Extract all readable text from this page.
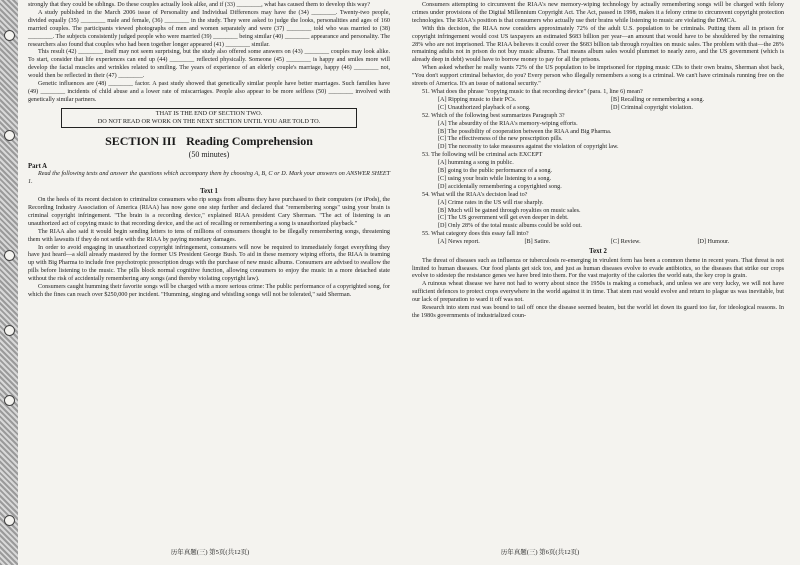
strongly that they could be siblings. Do these couples actually look alike, and if (33) ________, what has caused them to develop this way?

A study published in the March 2006 issue of Personality and Individual Differences may have the (34) ________. Twenty-two people, divided equally (35) ________ male and female, (36) ________ in the study. They were asked to judge the looks, personalities and ages of 160 married couples. The participants viewed photographs of men and women separately and were (37) ________ told who was married to (38) ________. The subjects consistently judged people who were married (39) ________ being similar (40) ________ appearance and personality. The researchers also found that couples who had been together longer appeared (41) ________ similar.

This result (42) ________ itself may not seem surprising, but the study also offered some answers on (43) ________ couples may look alike. To start, consider that life experiences can end up (44) ________ reflected physically. Someone (45) ________ is happy and smiles more will develop the facial muscles and wrinkles related to smiling. The years of experience of an elderly couple's marriage, happy (46) ________ not, would then be reflected in their (47) ________.

Genetic influences are (48) ________ factor. A past study showed that genetically similar people have better marriages. Such families have (49) ________ incidents of child abuse and a lower rate of miscarriages. People also appear to be more selfless (50) ________ involved with genetically similar partners.

THAT IS THE END OF SECTION TWO.
DO NOT READ OR WORK ON THE NEXT SECTION UNTIL YOU ARE TOLD TO.
SECTION III Reading Comprehension
(50 minutes)
Part A

Read the following texts and answer the questions which accompany them by choosing A, B, C or D. Mark your answers on ANSWER SHEET 1.

Text 1

On the heels of its recent decision to criminalize consumers who rip songs from albums they have purchased to their computers (or iPods), the Recording Industry Association of America (RIAA) has now gone one step further and declared that "remembering songs" using your brain is criminal copyright infringement. "The brain is a recording device," explained RIAA president Cary Sherman. "The act of listening is an unauthorized act of copying music to that recording device, and the act of recalling or remembering a song is unauthorized playback."

The RIAA also said it would begin sending letters to tens of millions of consumers thought to be illegally remembering songs, threatening them with lawsuits if they do not settle with the RIAA by paying monetary damages.

In order to avoid engaging in unauthorized copyright infringement, consumers will now be required to immediately forget everything they have just heard—a skill already mastered by the former US President George Bush. To aid in these memory wiping efforts, the RIAA is teaming up with Big Pharma to include free psychotropic prescription drugs with the purchase of new music albums. Consumers are advised to swallow the pills before listening to the music. The pills block normal cognitive function, allowing consumers to enjoy the music in a more detached state without the risk of accidentally remembering any songs (and thereby violating copyright law).

Consumers caught humming their favorite songs will be charged with a more serious crime: The public performance of a copyrighted song, for which the fines can reach over $250,000 per incident. "Humming, singing and whistling songs will not be tolerated," said Sherman.

历年真题(三) 第5页(共12页)

Consumers attempting to circumvent the RIAA's new memory-wiping technology by actually remembering songs will be charged with felony crimes under provisions of the Digital Millennium Copyright Act. The Act, passed in 1998, makes it a felony crime to circumvent copyright protection technologies. The RIAA's position is that consumers who actually use their brains while listening to music are violating the DMCA.

With this decision, the RIAA now considers approximately 72% of the adult U.S. population to be criminals. Putting them all in prison for copyright infringement would cost US taxpayers an estimated $683 billion per year—an amount that would have to be shouldered by the remaining 28% who are not imprisoned. The RIAA believes it could cover the $683 billion tab through royalties on music sales. The problem with that—the 28% remaining adults not in prison do not buy music albums. That means album sales would plummet to nearly zero, and the US government (which is already deep in debt) would have to borrow money to pay for all the prisons.

When asked whether he really wants 72% of the US population to be imprisoned for ripping music CDs to their own brains, Sherman shot back, "You don't support criminal behavior, do you? Every person who illegally remembers a song is a criminal. We can't have criminals running free on the streets of America. It's an issue of national security."

51. What does the phrase "copying music to that recording device" (para. 1, line 6) mean?
[A] Ripping music to their PCs.	[B] Recalling or remembering a song.
[C] Unauthorized playback of a song.	[D] Criminal copyright violation.
52. Which of the following best summarizes Paragraph 3?
[A] The absurdity of the RIAA's memory-wiping efforts.
[B] The possibility of cooperation between the RIAA and Big Pharma.
[C] The effectiveness of the new prescription pills.
[D] The necessity to take measures against the violation of copyright law.
53. The following will be criminal acts EXCEPT
[A] humming a song in public.
[B] going to the public performance of a song.
[C] using your brain while listening to a song.
[D] accidentally remembering a copyrighted song.
54. What will the RIAA's decision lead to?
[A] Crime rates in the US will rise sharply.
[B] Much will be gained through royalties on music sales.
[C] The US government will get even deeper in debt.
[D] Only 28% of the total music albums could be sold out.
55. What category does this essay fall into?
[A] News report.	[B] Satire.	[C] Review.	[D] Humour.
Text 2

The threat of diseases such as influenza or tuberculosis re-emerging in virulent form has been a common theme in recent years. That threat is not limited to human diseases. Our food plants get sick too, and just as human diseases evolve to evade antibiotics, so the diseases that strike our crops evolve to sidestep the resistance genes we have bred into them. For the vast majority of the calories the world eats, the key crop is grain.

A ruinous wheat disease we have not had to worry about since the 1950s is making a comeback, and unless we are very lucky, we will not have sufficient defences to protect crops everywhere in the world against it in time. That stem rust would evolve and return to plague us was inevitable, but our lack of preparation to ward it off was not.

Research into stem rust was bound to tail off once the disease seemed beaten, but the world let down its guard too far, for ideological reasons. In the 1980s governments of industrialized coun-

历年真题(三) 第6页(共12页)
